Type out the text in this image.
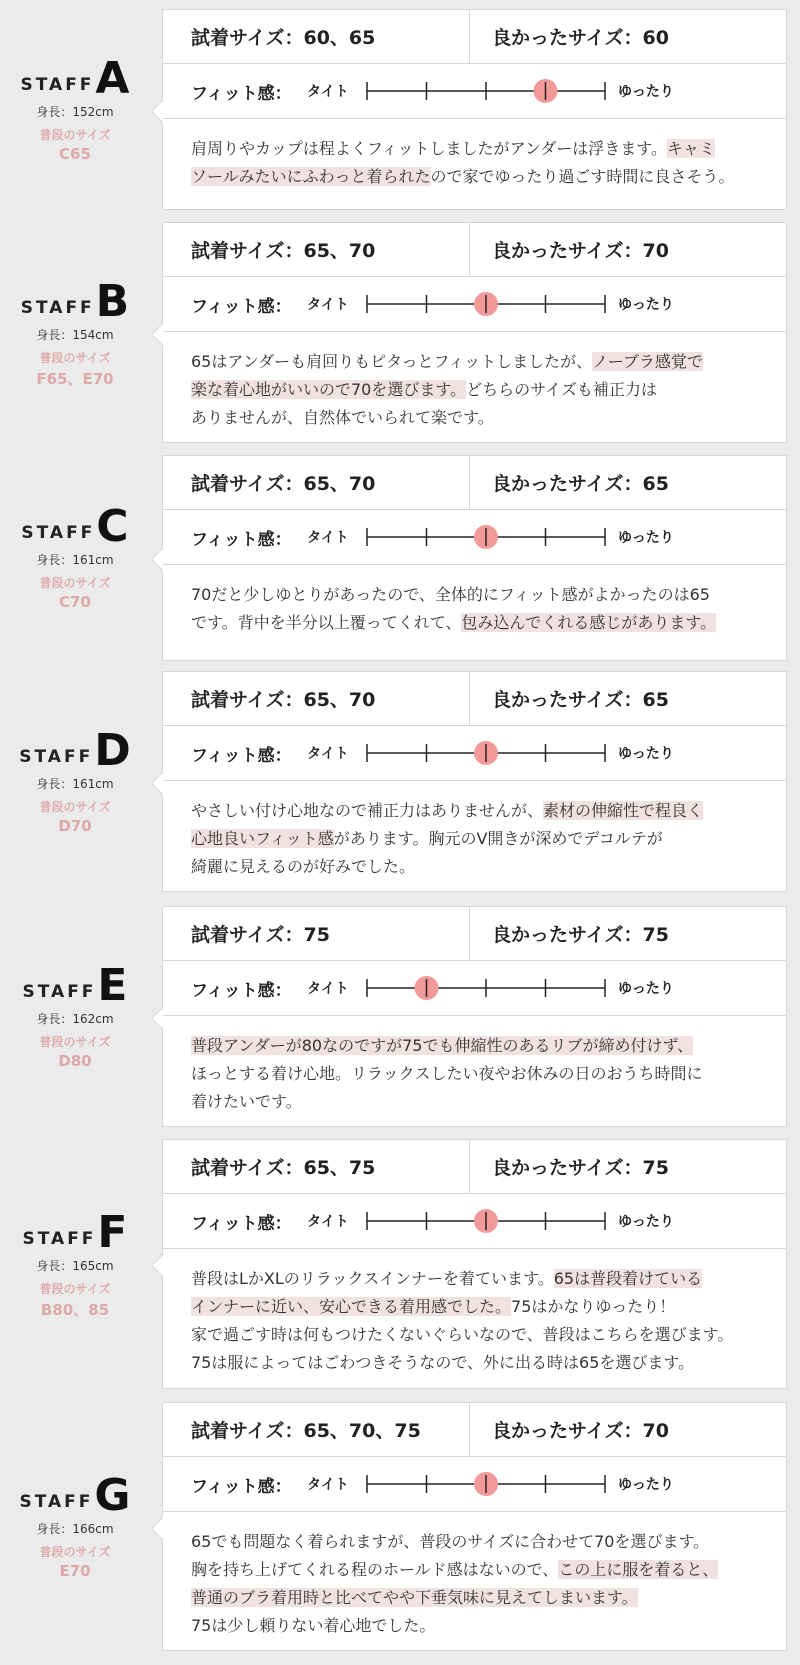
STAFF A
身長：152cm
普段のサイズ
C65
試着サイズ：60、65	良かったサイズ：60
フィット感： タイト	ゆったり
肩周りやカップは程よくフィットしましたがアンダーは浮きます。キャミ
ソールみたいにふわっと着られたので家でゆったり過ごす時間に良さそう。
STAFF B
身長：154cm
普段のサイズ
F65、E70
試着サイズ：65、70	良かったサイズ：70
フィット感： タイト	ゆったり
65はアンダーも肩回りもピタっとフィットしましたが、ノーブラ感覚で
楽な着心地がいいので70を選びます。どちらのサイズも補正力は
ありませんが、自然体でいられて楽です。
STAFF C
身長：161cm
普段のサイズ
C70
試着サイズ：65、70	良かったサイズ：65
フィット感： タイト	ゆったり
70だと少しゆとりがあったので、全体的にフィット感がよかったのは65
です。背中を半分以上覆ってくれて、包み込んでくれる感じがあります。
STAFF D
身長：161cm
普段のサイズ
D70
試着サイズ：65、70	良かったサイズ：65
フィット感： タイト	ゆったり
やさしい付け心地なので補正力はありませんが、素材の伸縮性で程良く
心地良いフィット感があります。胸元のV開きが深めでデコルテが
綺麗に見えるのが好みでした。
STAFF E
身長：162cm
普段のサイズ
D80
試着サイズ：75	良かったサイズ：75
フィット感： タイト	ゆったり
普段アンダーが80なのですが75でも伸縮性のあるリブが締め付けず、
ほっとする着け心地。リラックスしたい夜やお休みの日のおうち時間に
着けたいです。
STAFF F
身長：165cm
普段のサイズ
B80、85
試着サイズ：65、75	良かったサイズ：75
フィット感： タイト	ゆったり
普段はLかXLのリラックスインナーを着ています。65は普段着けている
インナーに近い、安心できる着用感でした。75はかなりゆったり！
家で過ごす時は何もつけたくないぐらいなので、普段はこちらを選びます。
75は服によってはごわつきそうなので、外に出る時は65を選びます。
STAFF G
身長：166cm
普段のサイズ
E70
試着サイズ：65、70、75	良かったサイズ：70
フィット感： タイト	ゆったり
65でも問題なく着られますが、普段のサイズに合わせて70を選びます。
胸を持ち上げてくれる程のホールド感はないので、この上に服を着ると、
普通のブラ着用時と比べてやや下垂気味に見えてしまいます。
75は少し頼りない着心地でした。
